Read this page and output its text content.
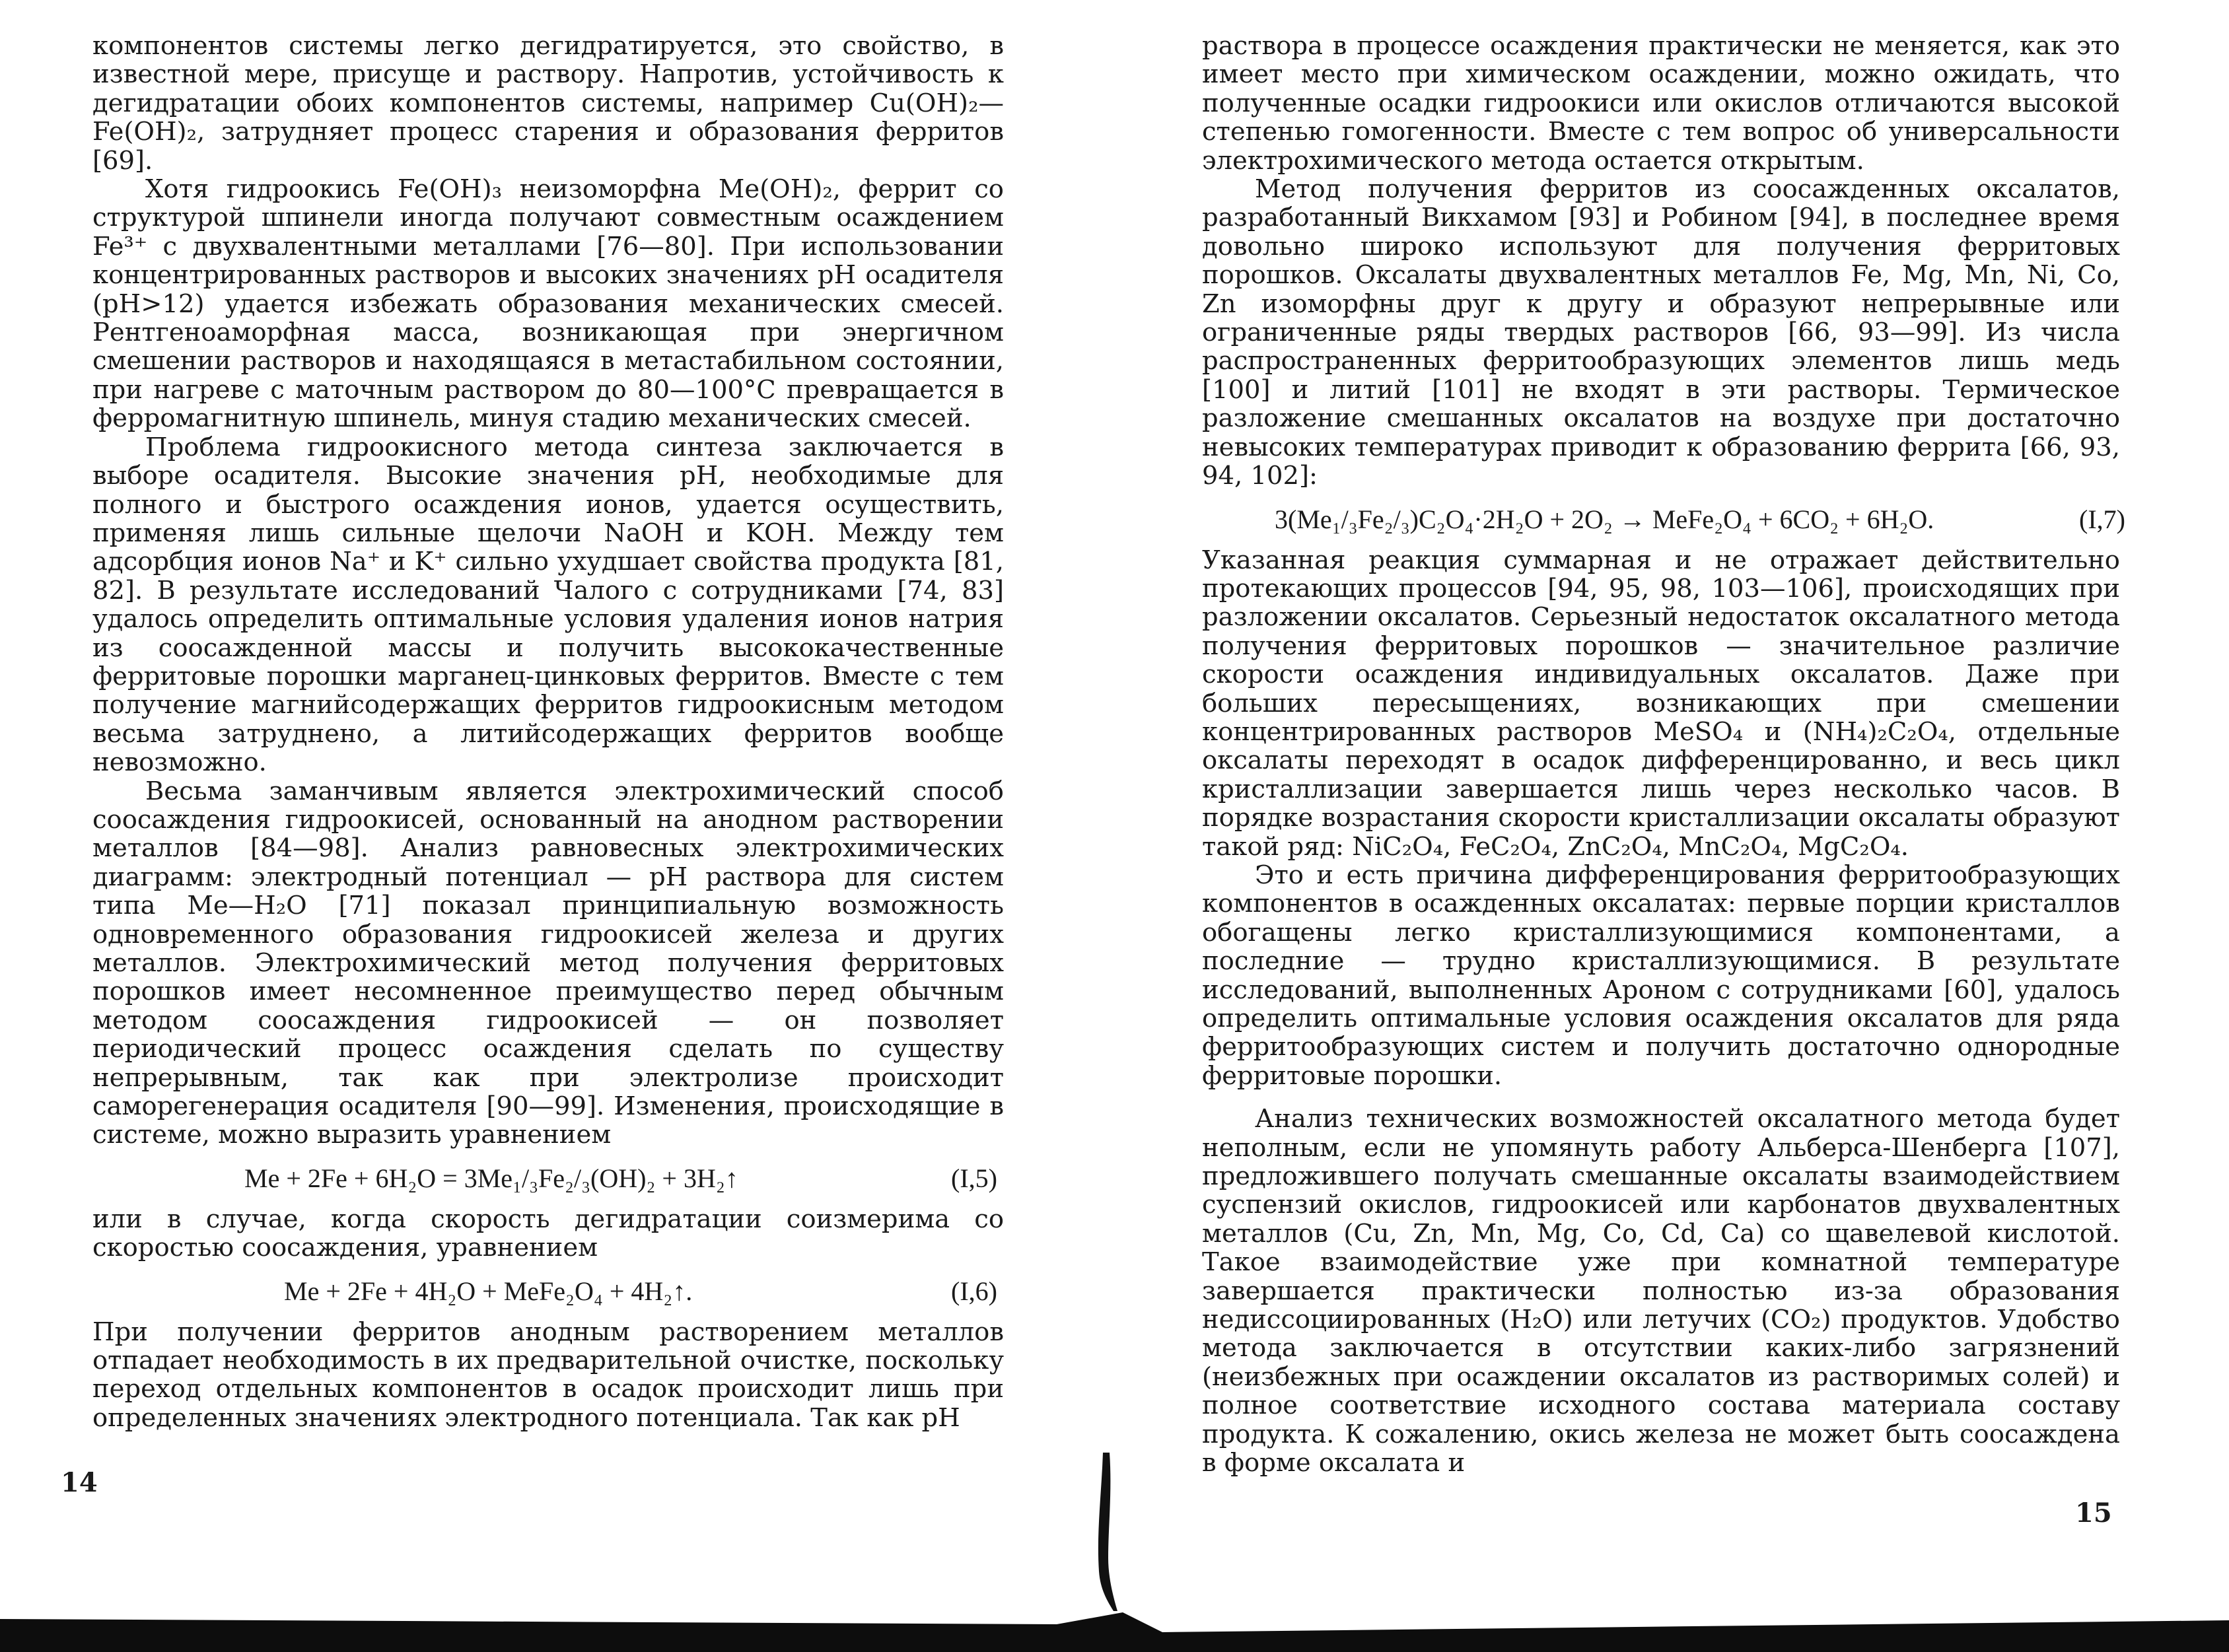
компонентов системы легко дегидратируется, это свойство, в известной мере, присуще и раствору. Напротив, устойчивость к дегидратации обоих компонентов системы, например Cu(OH)₂—Fe(OH)₂, затрудняет процесс старения и образования ферритов [69].

Хотя гидроокись Fe(OH)₃ неизоморфна Me(OH)₂, феррит со структурой шпинели иногда получают совместным осаждением Fe³⁺ с двухвалентными металлами [76—80]. При использовании концентрированных растворов и высоких значениях pH осадителя (pH>12) удается избежать образования механических смесей. Рентгеноаморфная масса, возникающая при энергичном смешении растворов и находящаяся в метастабильном состоянии, при нагреве с маточным раствором до 80—100°C превращается в ферромагнитную шпинель, минуя стадию механических смесей.

Проблема гидроокисного метода синтеза заключается в выборе осадителя. Высокие значения pH, необходимые для полного и быстрого осаждения ионов, удается осуществить, применяя лишь сильные щелочи NaOH и KOH. Между тем адсорбция ионов Na⁺ и K⁺ сильно ухудшает свойства продукта [81, 82]. В результате исследований Чалого с сотрудниками [74, 83] удалось определить оптимальные условия удаления ионов натрия из соосажденной массы и получить высококачественные ферритовые порошки марганец-цинковых ферритов. Вместе с тем получение магнийсодержащих ферритов гидроокисным методом весьма затруднено, а литийсодержащих ферритов вообще невозможно.

Весьма заманчивым является электрохимический способ соосаждения гидроокисей, основанный на анодном растворении металлов [84—98]. Анализ равновесных электрохимических диаграмм: электродный потенциал — pH раствора для систем типа Me—H₂O [71] показал принципиальную возможность одновременного образования гидроокисей железа и других металлов. Электрохимический метод получения ферритовых порошков имеет несомненное преимущество перед обычным методом соосаждения гидроокисей — он позволяет периодический процесс осаждения сделать по существу непрерывным, так как при электролизе происходит саморегенерация осадителя [90—99]. Изменения, происходящие в системе, можно выразить уравнением

Me + 2Fe + 6H₂O = 3Me₁/₃Fe₂/₃(OH)₂ + 3H₂↑	(I,5)

или в случае, когда скорость дегидратации соизмерима со скоростью соосаждения, уравнением

Me + 2Fe + 4H₂O + MeFe₂O₄ + 4H₂↑.	(I,6)

При получении ферритов анодным растворением металлов отпадает необходимость в их предварительной очистке, поскольку переход отдельных компонентов в осадок происходит лишь при определенных значениях электродного потенциала. Так как pH

14

раствора в процессе осаждения практически не меняется, как это имеет место при химическом осаждении, можно ожидать, что полученные осадки гидроокиси или окислов отличаются высокой степенью гомогенности. Вместе с тем вопрос об универсальности электрохимического метода остается открытым.

Метод получения ферритов из соосажденных оксалатов, разработанный Викхамом [93] и Робином [94], в последнее время довольно широко используют для получения ферритовых порошков. Оксалаты двухвалентных металлов Fe, Mg, Mn, Ni, Co, Zn изоморфны друг к другу и образуют непрерывные или ограниченные ряды твердых растворов [66, 93—99]. Из числа распространенных ферритообразующих элементов лишь медь [100] и литий [101] не входят в эти растворы. Термическое разложение смешанных оксалатов на воздухе при достаточно невысоких температурах приводит к образованию феррита [66, 93, 94, 102]:

3(Me₁/₃Fe₂/₃)C₂O₄·2H₂O + 2O₂ → MeFe₂O₄ + 6CO₂ + 6H₂O.	(I,7)

Указанная реакция суммарная и не отражает действительно протекающих процессов [94, 95, 98, 103—106], происходящих при разложении оксалатов. Серьезный недостаток оксалатного метода получения ферритовых порошков — значительное различие скорости осаждения индивидуальных оксалатов. Даже при больших пересыщениях, возникающих при смешении концентрированных растворов MeSO₄ и (NH₄)₂C₂O₄, отдельные оксалаты переходят в осадок дифференцированно, и весь цикл кристаллизации завершается лишь через несколько часов. В порядке возрастания скорости кристаллизации оксалаты образуют такой ряд: NiC₂O₄, FeC₂O₄, ZnC₂O₄, MnC₂O₄, MgC₂O₄.

Это и есть причина дифференцирования ферритообразующих компонентов в осажденных оксалатах: первые порции кристаллов обогащены легко кристаллизующимися компонентами, а последние — трудно кристаллизующимися. В результате исследований, выполненных Ароном с сотрудниками [60], удалось определить оптимальные условия осаждения оксалатов для ряда ферритообразующих систем и получить достаточно однородные ферритовые порошки.

Анализ технических возможностей оксалатного метода будет неполным, если не упомянуть работу Альберса-Шенберга [107], предложившего получать смешанные оксалаты взаимодействием суспензий окислов, гидроокисей или карбонатов двухвалентных металлов (Cu, Zn, Mn, Mg, Co, Cd, Ca) со щавелевой кислотой. Такое взаимодействие уже при комнатной температуре завершается практически полностью из-за образования недиссоциированных (H₂O) или летучих (CO₂) продуктов. Удобство метода заключается в отсутствии каких-либо загрязнений (неизбежных при осаждении оксалатов из растворимых солей) и полное соответствие исходного состава материала составу продукта. К сожалению, окись железа не может быть соосаждена в форме оксалата и

15
